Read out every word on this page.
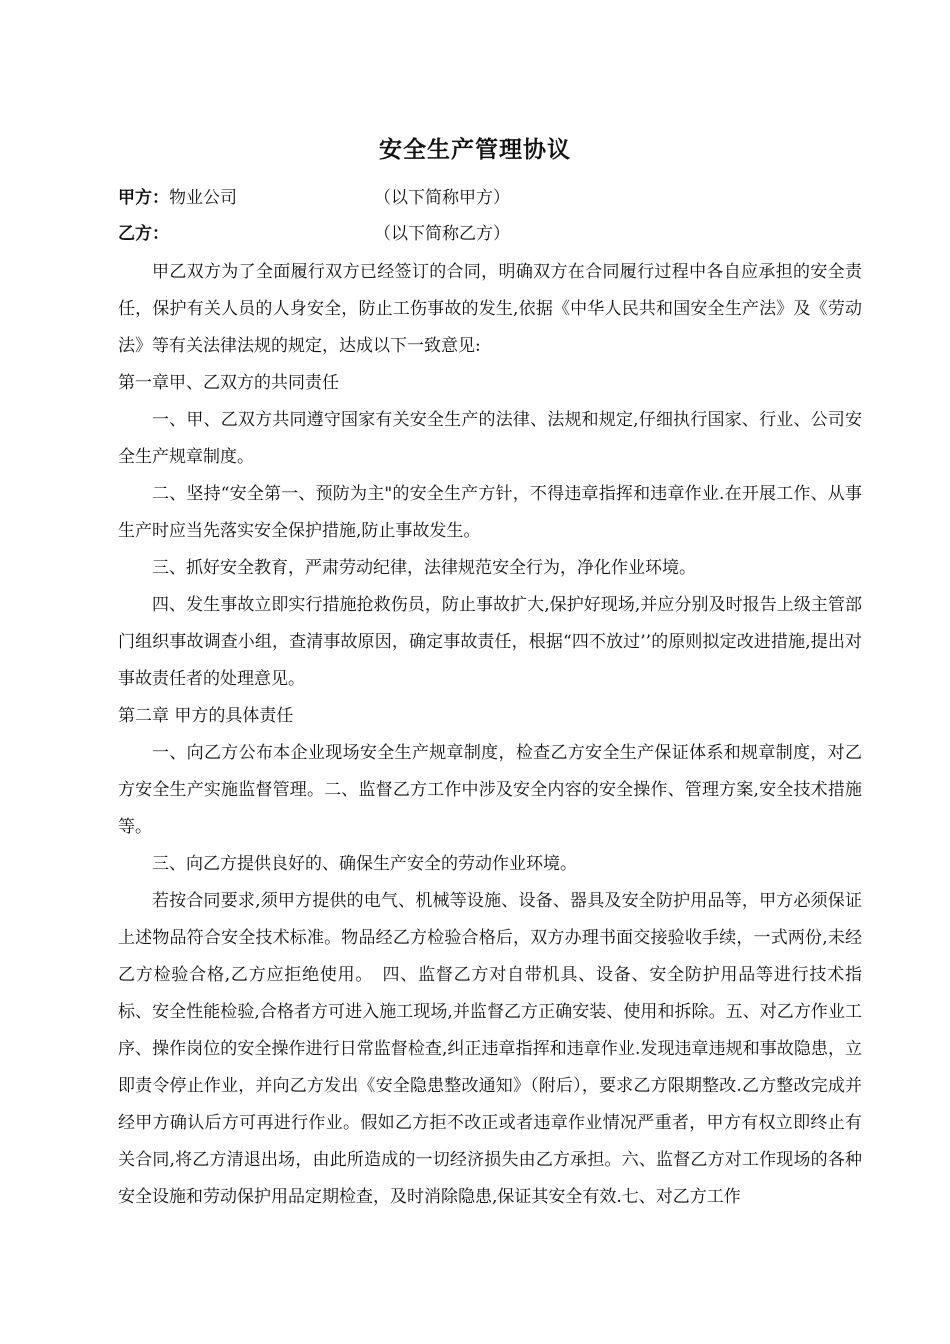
安全生产管理协议
甲方：物业公司	（以下简称甲方）
乙方：	（以下简称乙方）

甲乙双方为了全面履行双方已经签订的合同，明确双方在合同履行过程中各自应承担的安全责任，保护有关人员的人身安全，防止工伤事故的发生,依据《中华人民共和国安全生产法》及《劳动法》等有关法律法规的规定，达成以下一致意见:

第一章甲、乙双方的共同责任

一、甲、乙双方共同遵守国家有关安全生产的法律、法规和规定,仔细执行国家、行业、公司安全生产规章制度。

二、坚持“安全第一、预防为主"的安全生产方针，不得违章指挥和违章作业.在开展工作、从事生产时应当先落实安全保护措施,防止事故发生。

三、抓好安全教育，严肃劳动纪律，法律规范安全行为，净化作业环境。

四、发生事故立即实行措施抢救伤员，防止事故扩大,保护好现场,并应分别及时报告上级主管部门组织事故调查小组，查清事故原因，确定事故责任，根据“四不放过’’的原则拟定改进措施,提出对事故责任者的处理意见。

第二章 甲方的具体责任

一、向乙方公布本企业现场安全生产规章制度，检查乙方安全生产保证体系和规章制度，对乙方安全生产实施监督管理。二、监督乙方工作中涉及安全内容的安全操作、管理方案,安全技术措施等。

三、向乙方提供良好的、确保生产安全的劳动作业环境。

若按合同要求,须甲方提供的电气、机械等设施、设备、器具及安全防护用品等，甲方必须保证上述物品符合安全技术标准。物品经乙方检验合格后，双方办理书面交接验收手续，一式两份,未经乙方检验合格,乙方应拒绝使用。　四、监督乙方对自带机具、设备、安全防护用品等进行技术指标、安全性能检验,合格者方可进入施工现场,并监督乙方正确安装、使用和拆除。五、对乙方作业工序、操作岗位的安全操作进行日常监督检查,纠正违章指挥和违章作业.发现违章违规和事故隐患，立即责令停止作业，并向乙方发出《安全隐患整改通知》（附后），要求乙方限期整改.乙方整改完成并经甲方确认后方可再进行作业。假如乙方拒不改正或者违章作业情况严重者，甲方有权立即终止有关合同,将乙方清退出场，由此所造成的一切经济损失由乙方承担。六、监督乙方对工作现场的各种安全设施和劳动保护用品定期检查，及时消除隐患,保证其安全有效.七、对乙方工作
